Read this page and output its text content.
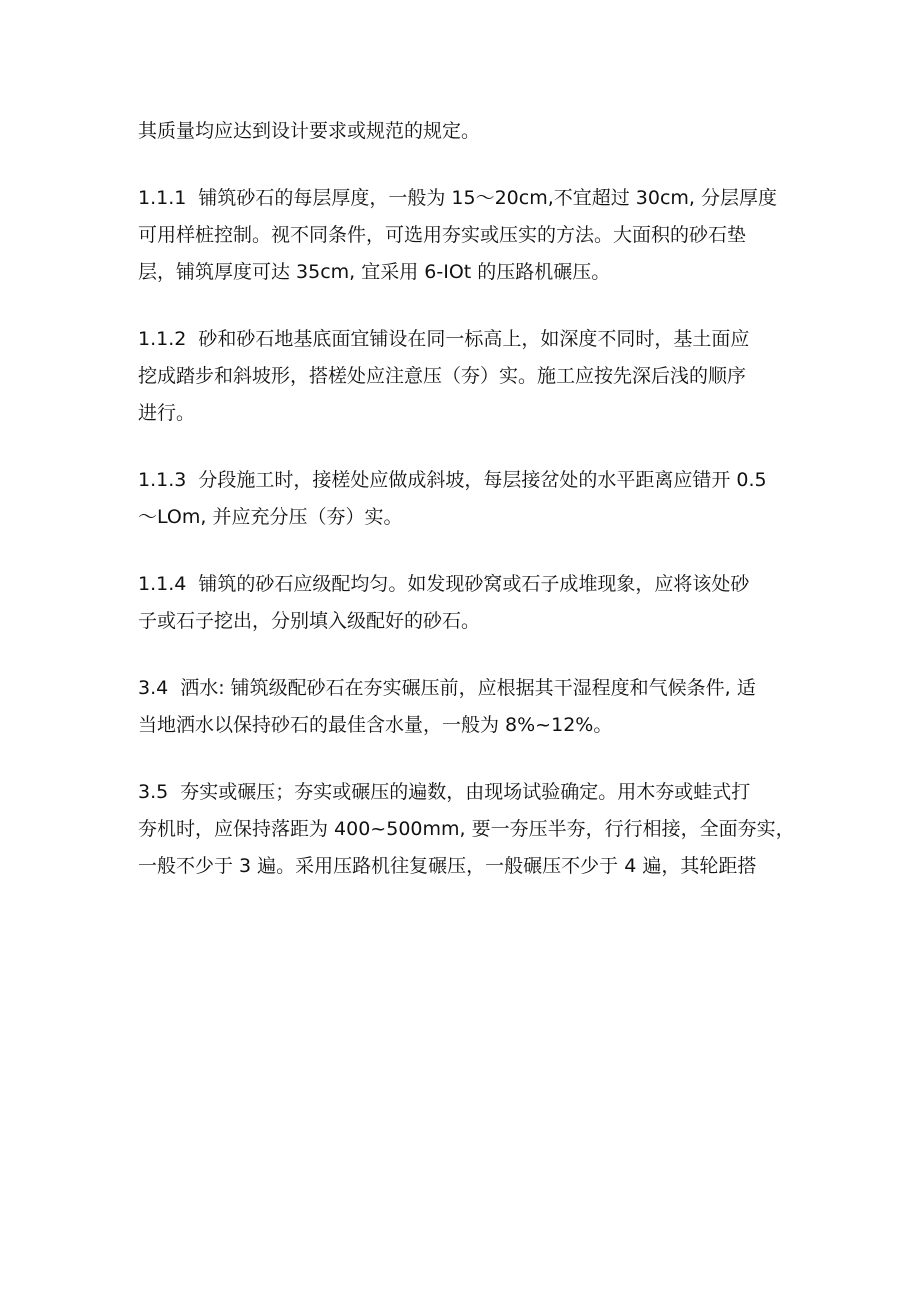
其质量均应达到设计要求或规范的规定。

1.1.1 铺筑砂石的每层厚度，一般为 15～20cm,不宜超过 30cm, 分层厚度
可用样桩控制。视不同条件，可选用夯实或压实的方法。大面积的砂石垫
层，铺筑厚度可达 35cm, 宜采用 6-IOt 的压路机碾压。

1.1.2 砂和砂石地基底面宜铺设在同一标高上，如深度不同时，基土面应
挖成踏步和斜坡形，搭槎处应注意压（夯）实。施工应按先深后浅的顺序
进行。

1.1.3 分段施工时，接槎处应做成斜坡，每层接岔处的水平距离应错开 0.5
～LOm, 并应充分压（夯）实。

1.1.4 铺筑的砂石应级配均匀。如发现砂窝或石子成堆现象，应将该处砂
子或石子挖出，分别填入级配好的砂石。

3.4 洒水: 铺筑级配砂石在夯实碾压前，应根据其干湿程度和气候条件, 适
当地洒水以保持砂石的最佳含水量，一般为 8%~12%。

3.5 夯实或碾压；夯实或碾压的遍数，由现场试验确定。用木夯或蛙式打
夯机时，应保持落距为 400~500mm, 要一夯压半夯，行行相接，全面夯实，
一般不少于 3 遍。采用压路机往复碾压，一般碾压不少于 4 遍，其轮距搭
